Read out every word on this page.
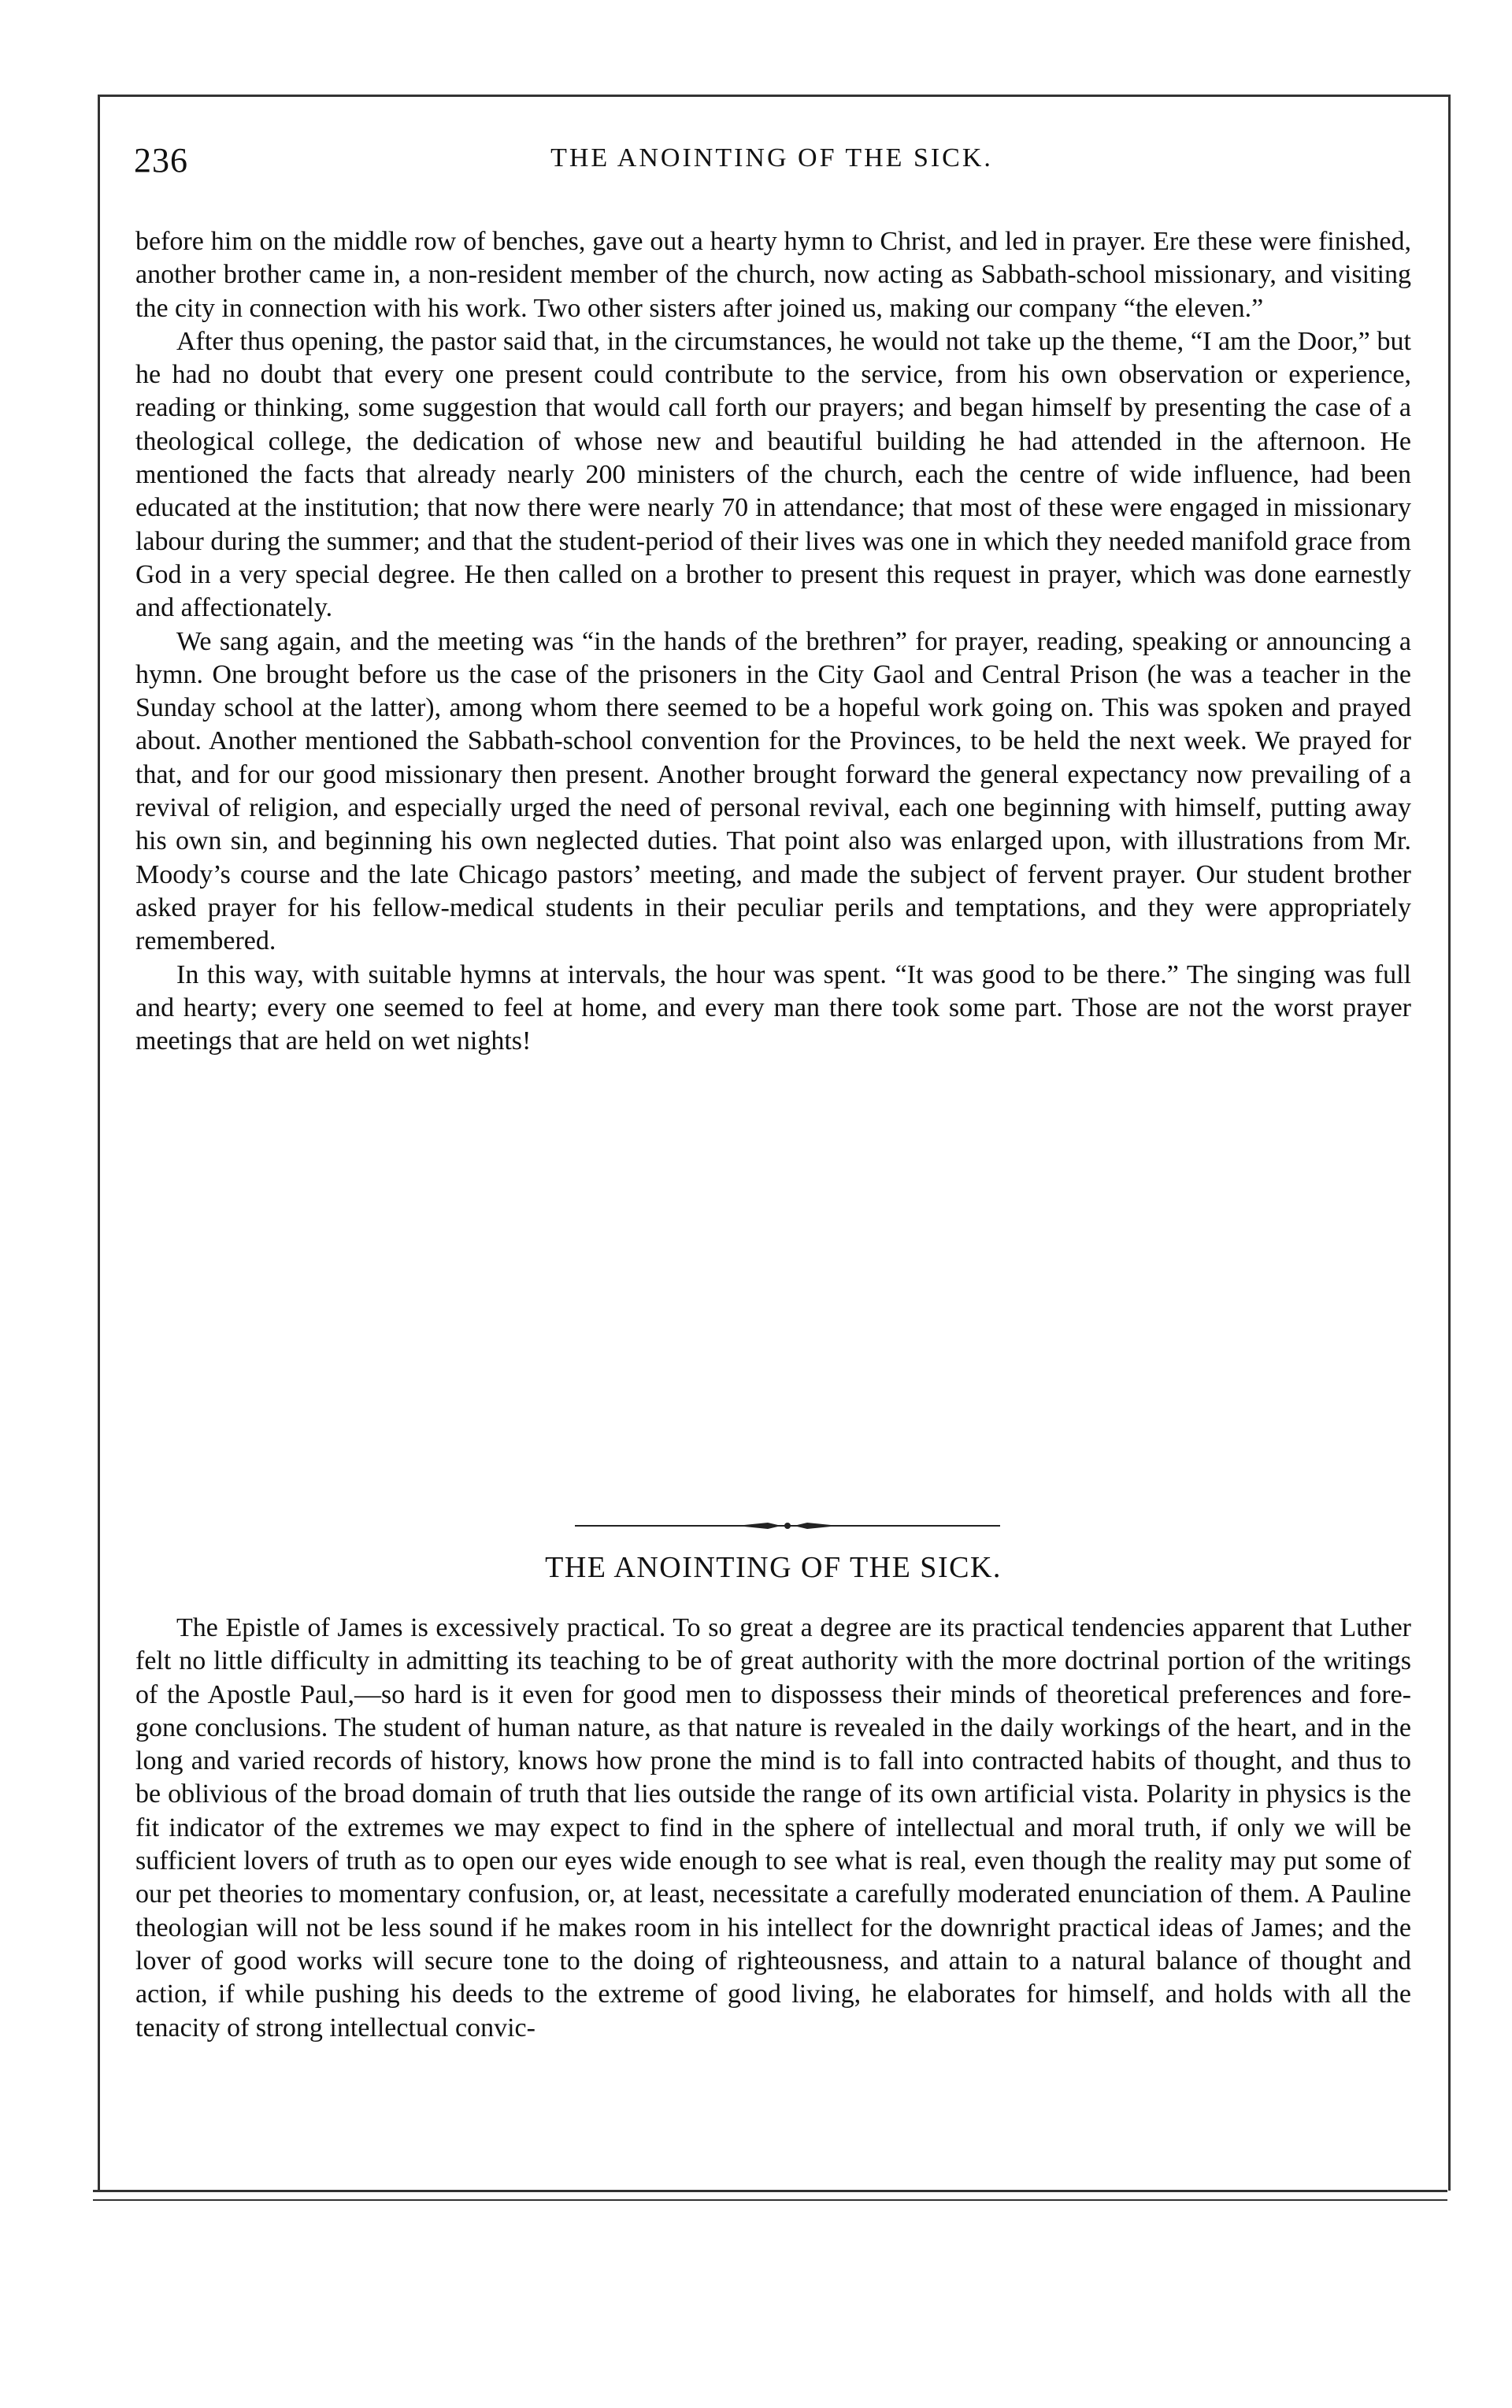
236	THE ANOINTING OF THE SICK.

before him on the middle row of benches, gave out a hearty hymn to Christ, and led in prayer. Ere these were finished, another brother came in, a non-resident member of the church, now acting as Sabbath-school missionary, and visiting the city in connection with his work. Two other sisters after joined us, making our company “the eleven.”

After thus opening, the pastor said that, in the circumstances, he would not take up the theme, “I am the Door,” but he had no doubt that every one present could contribute to the service, from his own observation or experience, reading or thinking, some suggestion that would call forth our prayers; and began himself by presenting the case of a theological college, the dedication of whose new and beautiful building he had attended in the afternoon. He mentioned the facts that already nearly 200 ministers of the church, each the centre of wide influence, had been educated at the institution; that now there were nearly 70 in attendance; that most of these were engaged in missionary labour during the summer; and that the student-period of their lives was one in which they needed manifold grace from God in a very special degree. He then called on a brother to present this request in prayer, which was done earnestly and affectionately.

We sang again, and the meeting was “in the hands of the brethren” for prayer, reading, speaking or announcing a hymn. One brought before us the case of the prisoners in the City Gaol and Central Prison (he was a teacher in the Sunday school at the latter), among whom there seemed to be a hopeful work going on. This was spoken and prayed about. Another mentioned the Sabbath-school convention for the Provinces, to be held the next week. We prayed for that, and for our good missionary then present. Another brought forward the general expectancy now prevailing of a revival of religion, and especially urged the need of personal revival, each one beginning with himself, putting away his own sin, and beginning his own neglected duties. That point also was enlarged upon, with illustrations from Mr. Moody’s course and the late Chicago pastors’ meeting, and made the subject of fervent prayer. Our student brother asked prayer for his fellow-medical students in their peculiar perils and temptations, and they were appropriately remembered.

In this way, with suitable hymns at intervals, the hour was spent. “It was good to be there.” The singing was full and hearty; every one seemed to feel at home, and every man there took some part. Those are not the worst prayer meetings that are held on wet nights!

THE ANOINTING OF THE SICK.

The Epistle of James is excessively practical. To so great a degree are its practical tendencies apparent that Luther felt no little difficulty in admitting its teaching to be of great authority with the more doctrinal portion of the writings of the Apostle Paul,—so hard is it even for good men to dispossess their minds of theoretical preferences and fore-gone conclusions. The student of human nature, as that nature is revealed in the daily workings of the heart, and in the long and varied records of history, knows how prone the mind is to fall into contracted habits of thought, and thus to be oblivious of the broad domain of truth that lies outside the range of its own artificial vista. Polarity in physics is the fit indicator of the extremes we may expect to find in the sphere of intellectual and moral truth, if only we will be sufficient lovers of truth as to open our eyes wide enough to see what is real, even though the reality may put some of our pet theories to momentary confusion, or, at least, necessitate a carefully moderated enunciation of them. A Pauline theologian will not be less sound if he makes room in his intellect for the downright practical ideas of James; and the lover of good works will secure tone to the doing of righteousness, and attain to a natural balance of thought and action, if while pushing his deeds to the extreme of good living, he elaborates for himself, and holds with all the tenacity of strong intellectual convic-
